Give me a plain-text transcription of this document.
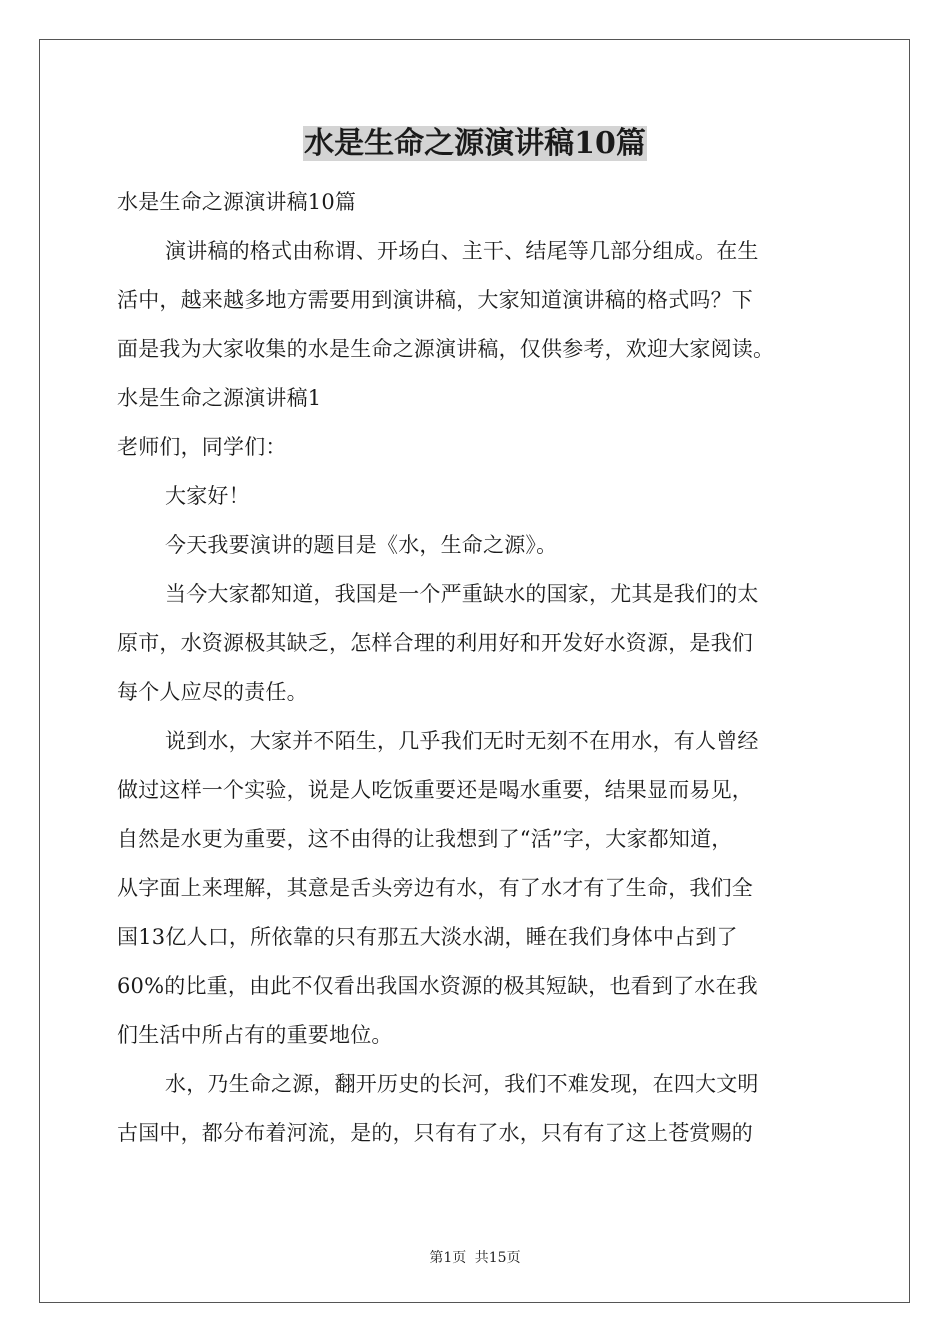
水是生命之源演讲稿10篇

水是生命之源演讲稿10篇

演讲稿的格式由称谓、开场白、主干、结尾等几部分组成。在生

活中，越来越多地方需要用到演讲稿，大家知道演讲稿的格式吗？下

面是我为大家收集的水是生命之源演讲稿，仅供参考，欢迎大家阅读。

水是生命之源演讲稿1

老师们，同学们：

大家好！

今天我要演讲的题目是《水，生命之源》。

当今大家都知道，我国是一个严重缺水的国家，尤其是我们的太

原市，水资源极其缺乏，怎样合理的利用好和开发好水资源，是我们

每个人应尽的责任。

说到水，大家并不陌生，几乎我们无时无刻不在用水，有人曾经

做过这样一个实验，说是人吃饭重要还是喝水重要，结果显而易见，

自然是水更为重要，这不由得的让我想到了“活”字，大家都知道，

从字面上来理解，其意是舌头旁边有水，有了水才有了生命，我们全

国13亿人口，所依靠的只有那五大淡水湖，睡在我们身体中占到了

60%的比重，由此不仅看出我国水资源的极其短缺，也看到了水在我

们生活中所占有的重要地位。

水，乃生命之源，翻开历史的长河，我们不难发现，在四大文明

古国中，都分布着河流，是的，只有有了水，只有有了这上苍赏赐的

第1页 共15页
